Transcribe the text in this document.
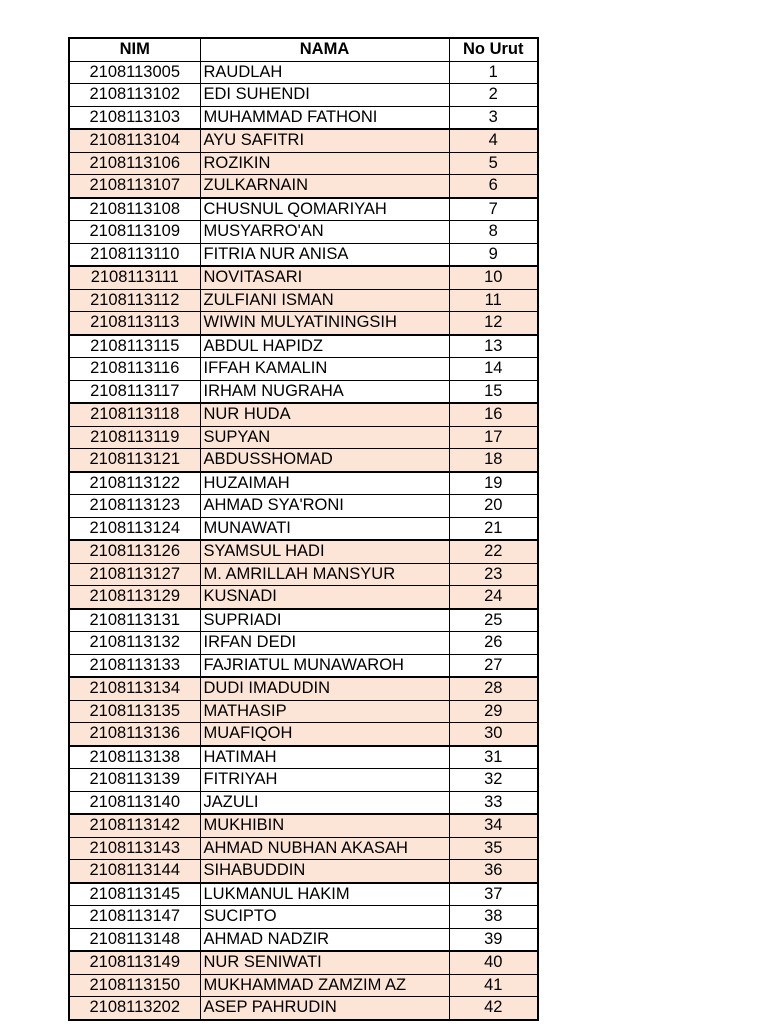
NIM	NAMA	No Urut
2108113005	RAUDLAH	1
2108113102	EDI SUHENDI	2
2108113103	MUHAMMAD FATHONI	3
2108113104	AYU SAFITRI	4
2108113106	ROZIKIN	5
2108113107	ZULKARNAIN	6
2108113108	CHUSNUL QOMARIYAH	7
2108113109	MUSYARRO'AN	8
2108113110	FITRIA NUR ANISA	9
2108113111	NOVITASARI	10
2108113112	ZULFIANI ISMAN	11
2108113113	WIWIN MULYATININGSIH	12
2108113115	ABDUL HAPIDZ	13
2108113116	IFFAH KAMALIN	14
2108113117	IRHAM NUGRAHA	15
2108113118	NUR HUDA	16
2108113119	SUPYAN	17
2108113121	ABDUSSHOMAD	18
2108113122	HUZAIMAH	19
2108113123	AHMAD SYA'RONI	20
2108113124	MUNAWATI	21
2108113126	SYAMSUL HADI	22
2108113127	M. AMRILLAH MANSYUR	23
2108113129	KUSNADI	24
2108113131	SUPRIADI	25
2108113132	IRFAN DEDI	26
2108113133	FAJRIATUL MUNAWAROH	27
2108113134	DUDI IMADUDIN	28
2108113135	MATHASIP	29
2108113136	MUAFIQOH	30
2108113138	HATIMAH	31
2108113139	FITRIYAH	32
2108113140	JAZULI	33
2108113142	MUKHIBIN	34
2108113143	AHMAD NUBHAN AKASAH	35
2108113144	SIHABUDDIN	36
2108113145	LUKMANUL HAKIM	37
2108113147	SUCIPTO	38
2108113148	AHMAD NADZIR	39
2108113149	NUR SENIWATI	40
2108113150	MUKHAMMAD ZAMZIM AZ	41
2108113202	ASEP PAHRUDIN	42
